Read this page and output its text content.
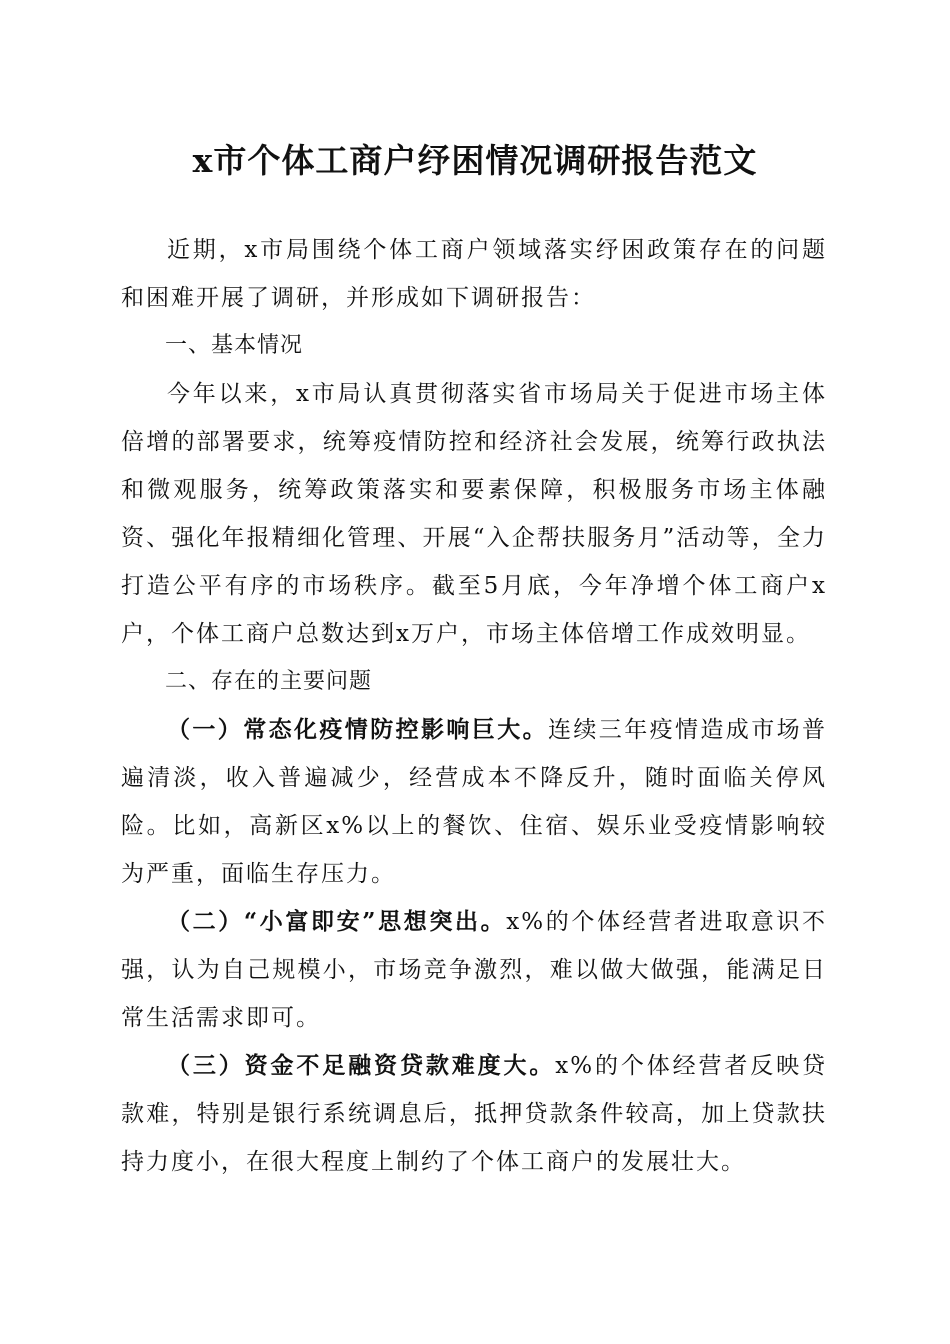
x市个体工商户纾困情况调研报告范文

近期，x市局围绕个体工商户领域落实纾困政策存在的问题和困难开展了调研，并形成如下调研报告：

一、基本情况

今年以来，x市局认真贯彻落实省市场局关于促进市场主体倍增的部署要求，统筹疫情防控和经济社会发展，统筹行政执法和微观服务，统筹政策落实和要素保障，积极服务市场主体融资、强化年报精细化管理、开展“入企帮扶服务月”活动等，全力打造公平有序的市场秩序。截至5月底，今年净增个体工商户x户，个体工商户总数达到x万户，市场主体倍增工作成效明显。

二、存在的主要问题

（一）常态化疫情防控影响巨大。连续三年疫情造成市场普遍清淡，收入普遍减少，经营成本不降反升，随时面临关停风险。比如，高新区x%以上的餐饮、住宿、娱乐业受疫情影响较为严重，面临生存压力。

（二）“小富即安”思想突出。x%的个体经营者进取意识不强，认为自己规模小，市场竞争激烈，难以做大做强，能满足日常生活需求即可。

（三）资金不足融资贷款难度大。x%的个体经营者反映贷款难，特别是银行系统调息后，抵押贷款条件较高，加上贷款扶持力度小，在很大程度上制约了个体工商户的发展壮大。
